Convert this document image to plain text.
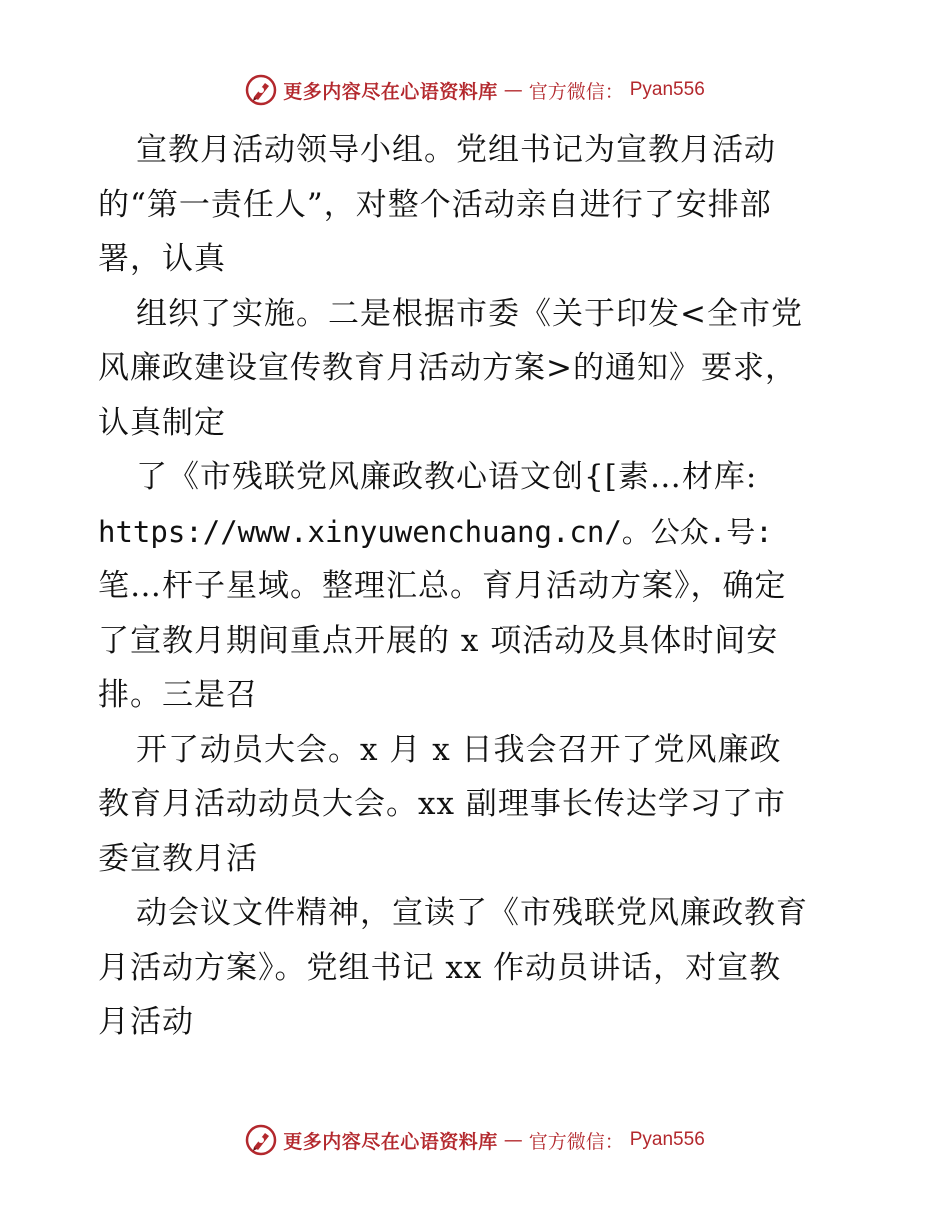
更多内容尽在心语资料库 — 官方微信： Pyan556
宣教月活动领导小组。党组书记为宣教月活动
的“第一责任人”，对整个活动亲自进行了安排部
署，认真
组织了实施。二是根据市委《关于印发<全市党
风廉政建设宣传教育月活动方案>的通知》要求，
认真制定
了《市残联党风廉政教心语文创{[素…材库:
https://www.xinyuwenchuang.cn/。公众.号:
笔…杆子星域。整理汇总。育月活动方案》，确定
了宣教月期间重点开展的 x 项活动及具体时间安
排。三是召
开了动员大会。x 月 x 日我会召开了党风廉政
教育月活动动员大会。xx 副理事长传达学习了市
委宣教月活
动会议文件精神，宣读了《市残联党风廉政教育
月活动方案》。党组书记 xx 作动员讲话，对宣教
月活动
更多内容尽在心语资料库 — 官方微信： Pyan556
